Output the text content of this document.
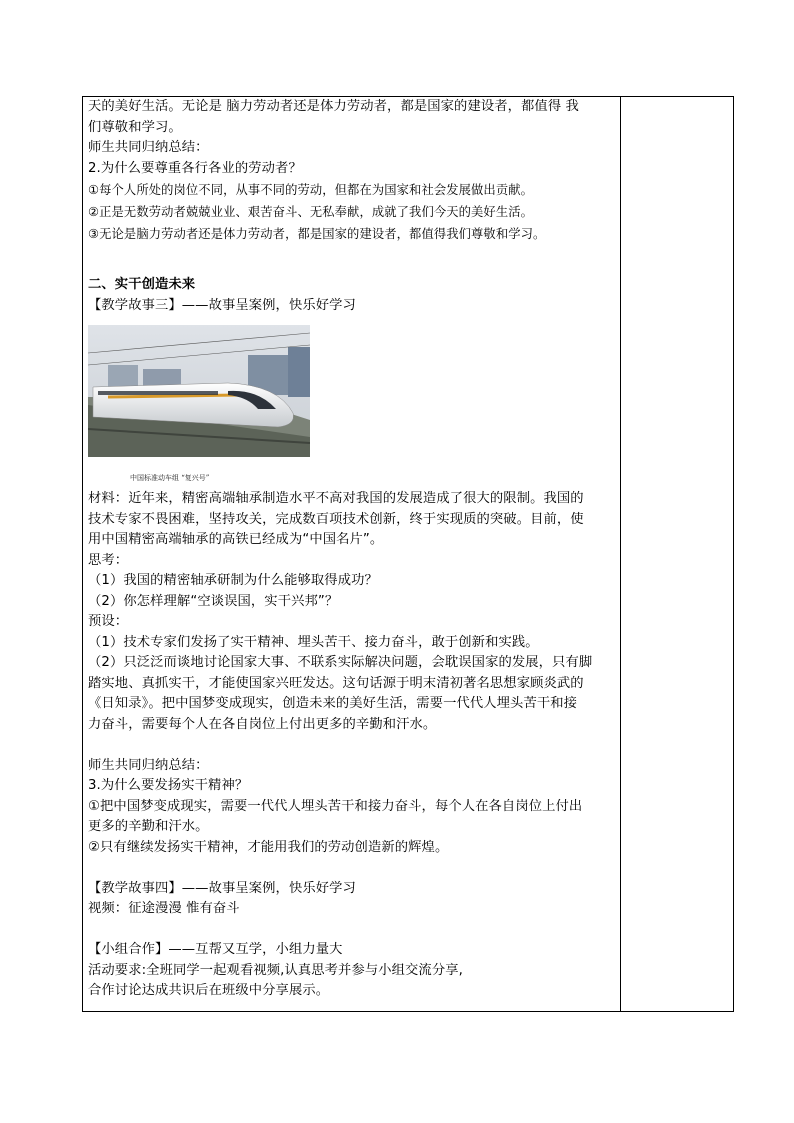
天的美好生活。无论是 脑力劳动者还是体力劳动者，都是国家的建设者，都值得 我
们尊敬和学习。
师生共同归纳总结：
2.为什么要尊重各行各业的劳动者？
①每个人所处的岗位不同，从事不同的劳动，但都在为国家和社会发展做出贡献。
②正是无数劳动者兢兢业业、艰苦奋斗、无私奉献，成就了我们今天的美好生活。
③无论是脑力劳动者还是体力劳动者，都是国家的建设者，都值得我们尊敬和学习。
二、实干创造未来
【教学故事三】——故事呈案例，快乐好学习
中国标准动车组 “复兴号”
材料：近年来，精密高端轴承制造水平不高对我国的发展造成了很大的限制。我国的
技术专家不畏困难，坚持攻关，完成数百项技术创新，终于实现质的突破。目前，使
用中国精密高端轴承的高铁已经成为“中国名片”。
思考：
（1）我国的精密轴承研制为什么能够取得成功？
（2）你怎样理解“空谈误国，实干兴邦”？
预设：
（1）技术专家们发扬了实干精神、埋头苦干、接力奋斗，敢于创新和实践。
（2）只泛泛而谈地讨论国家大事、不联系实际解决问题，会耽误国家的发展，只有脚
踏实地、真抓实干，才能使国家兴旺发达。这句话源于明末清初著名思想家顾炎武的
《日知录》。把中国梦变成现实，创造未来的美好生活，需要一代代人埋头苦干和接
力奋斗，需要每个人在各自岗位上付出更多的辛勤和汗水。
师生共同归纳总结：
3.为什么要发扬实干精神？
①把中国梦变成现实，需要一代代人埋头苦干和接力奋斗，每个人在各自岗位上付出
更多的辛勤和汗水。
②只有继续发扬实干精神，才能用我们的劳动创造新的辉煌。
【教学故事四】——故事呈案例，快乐好学习
视频：征途漫漫 惟有奋斗
【小组合作】——互帮又互学，小组力量大
活动要求:全班同学一起观看视频,认真思考并参与小组交流分享,
合作讨论达成共识后在班级中分享展示。
